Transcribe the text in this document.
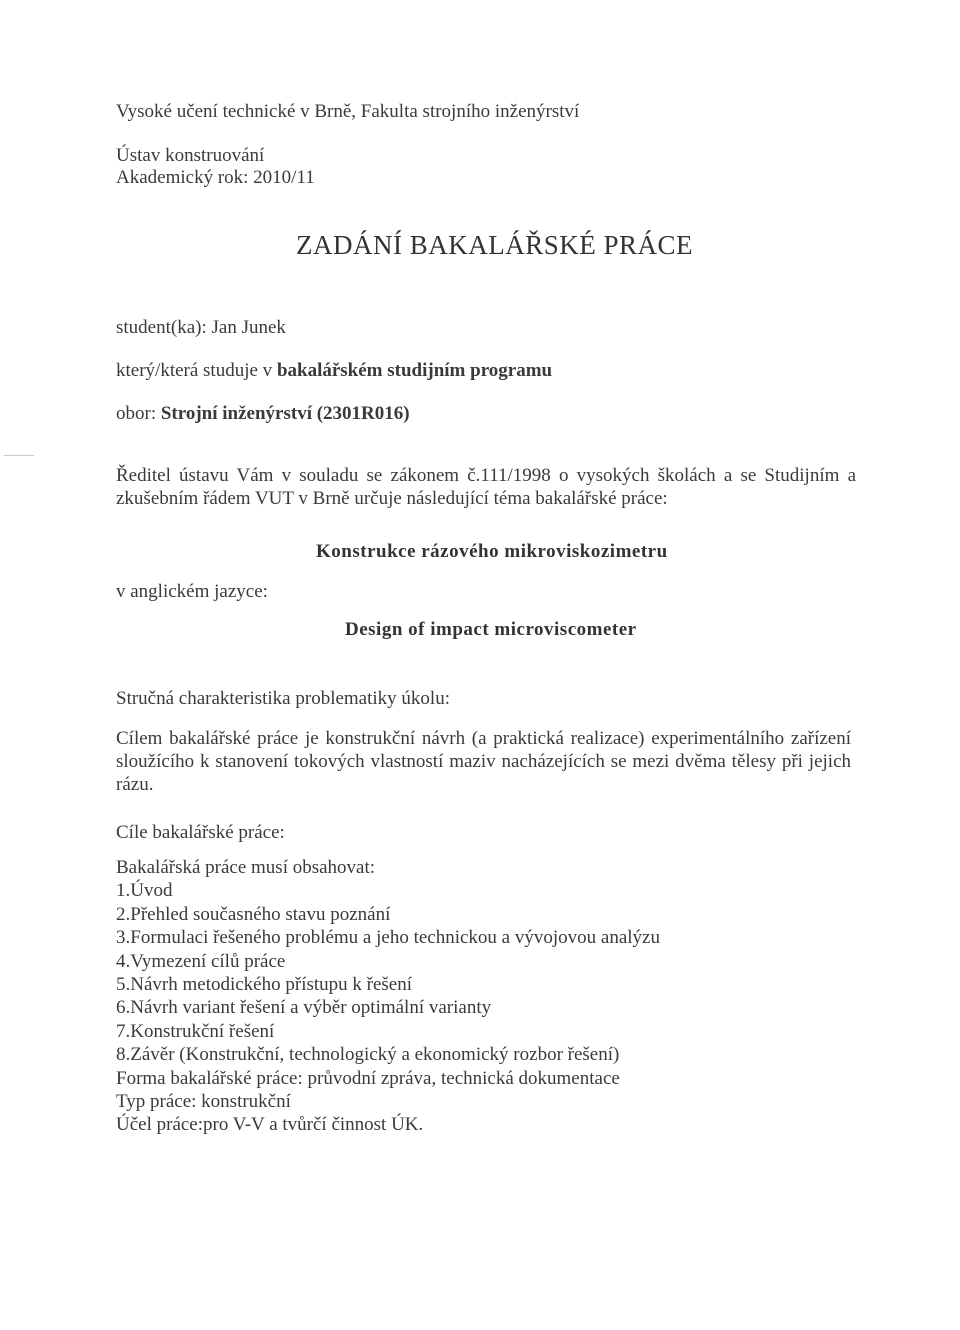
Vysoké učení technické v Brně, Fakulta strojního inženýrství
Ústav konstruování
Akademický rok: 2010/11
ZADÁNÍ BAKALÁŘSKÉ PRÁCE
student(ka): Jan Junek
který/která studuje v bakalářském studijním programu
obor: Strojní inženýrství (2301R016)
Ředitel ústavu Vám v souladu se zákonem č.111/1998 o vysokých školách a se Studijním a zkušebním řádem VUT v Brně určuje následující téma bakalářské práce:
Konstrukce rázového mikroviskozimetru
v anglickém jazyce:
Design of impact microviscometer
Stručná charakteristika problematiky úkolu:
Cílem bakalářské práce je konstrukční návrh (a praktická realizace) experimentálního zařízení sloužícího k stanovení tokových vlastností maziv nacházejících se mezi dvěma tělesy při jejich rázu.
Cíle bakalářské práce:
Bakalářská práce musí obsahovat:
1.Úvod
2.Přehled současného stavu poznání
3.Formulaci řešeného problému a jeho technickou a vývojovou analýzu
4.Vymezení cílů práce
5.Návrh metodického přístupu k řešení
6.Návrh variant řešení a výběr optimální varianty
7.Konstrukční řešení
8.Závěr (Konstrukční, technologický a ekonomický rozbor řešení)
Forma bakalářské práce: průvodní zpráva, technická dokumentace
Typ práce: konstrukční
Účel práce:pro V-V a tvůrčí činnost ÚK.
